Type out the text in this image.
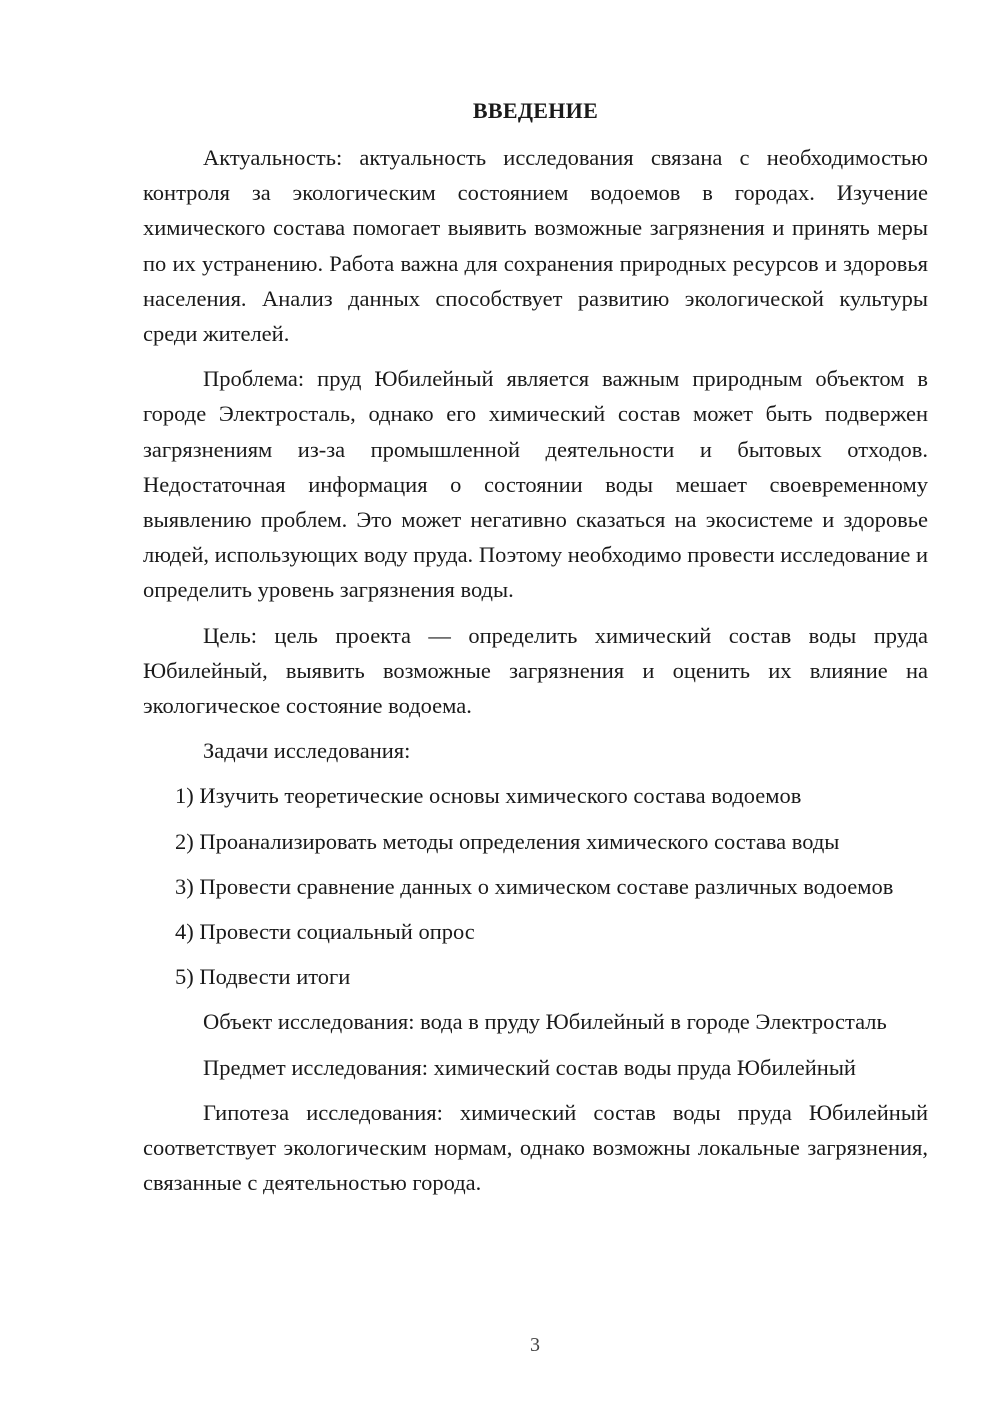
ВВЕДЕНИЕ

Актуальность: актуальность исследования связана с необходимостью контроля за экологическим состоянием водоемов в городах. Изучение химического состава помогает выявить возможные загрязнения и принять меры по их устранению. Работа важна для сохранения природных ресурсов и здоровья населения. Анализ данных способствует развитию экологической культуры среди жителей.

Проблема: пруд Юбилейный является важным природным объектом в городе Электросталь, однако его химический состав может быть подвержен загрязнениям из-за промышленной деятельности и бытовых отходов. Недостаточная информация о состоянии воды мешает своевременному выявлению проблем. Это может негативно сказаться на экосистеме и здоровье людей, использующих воду пруда. Поэтому необходимо провести исследование и определить уровень загрязнения воды.

Цель: цель проекта — определить химический состав воды пруда Юбилейный, выявить возможные загрязнения и оценить их влияние на экологическое состояние водоема.

Задачи исследования:

1) Изучить теоретические основы химического состава водоемов

2) Проанализировать методы определения химического состава воды

3) Провести сравнение данных о химическом составе различных водоемов

4) Провести социальный опрос

5) Подвести итоги

Объект исследования: вода в пруду Юбилейный в городе Электросталь

Предмет исследования: химический состав воды пруда Юбилейный

Гипотеза исследования: химический состав воды пруда Юбилейный соответствует экологическим нормам, однако возможны локальные загрязнения, связанные с деятельностью города.

3
